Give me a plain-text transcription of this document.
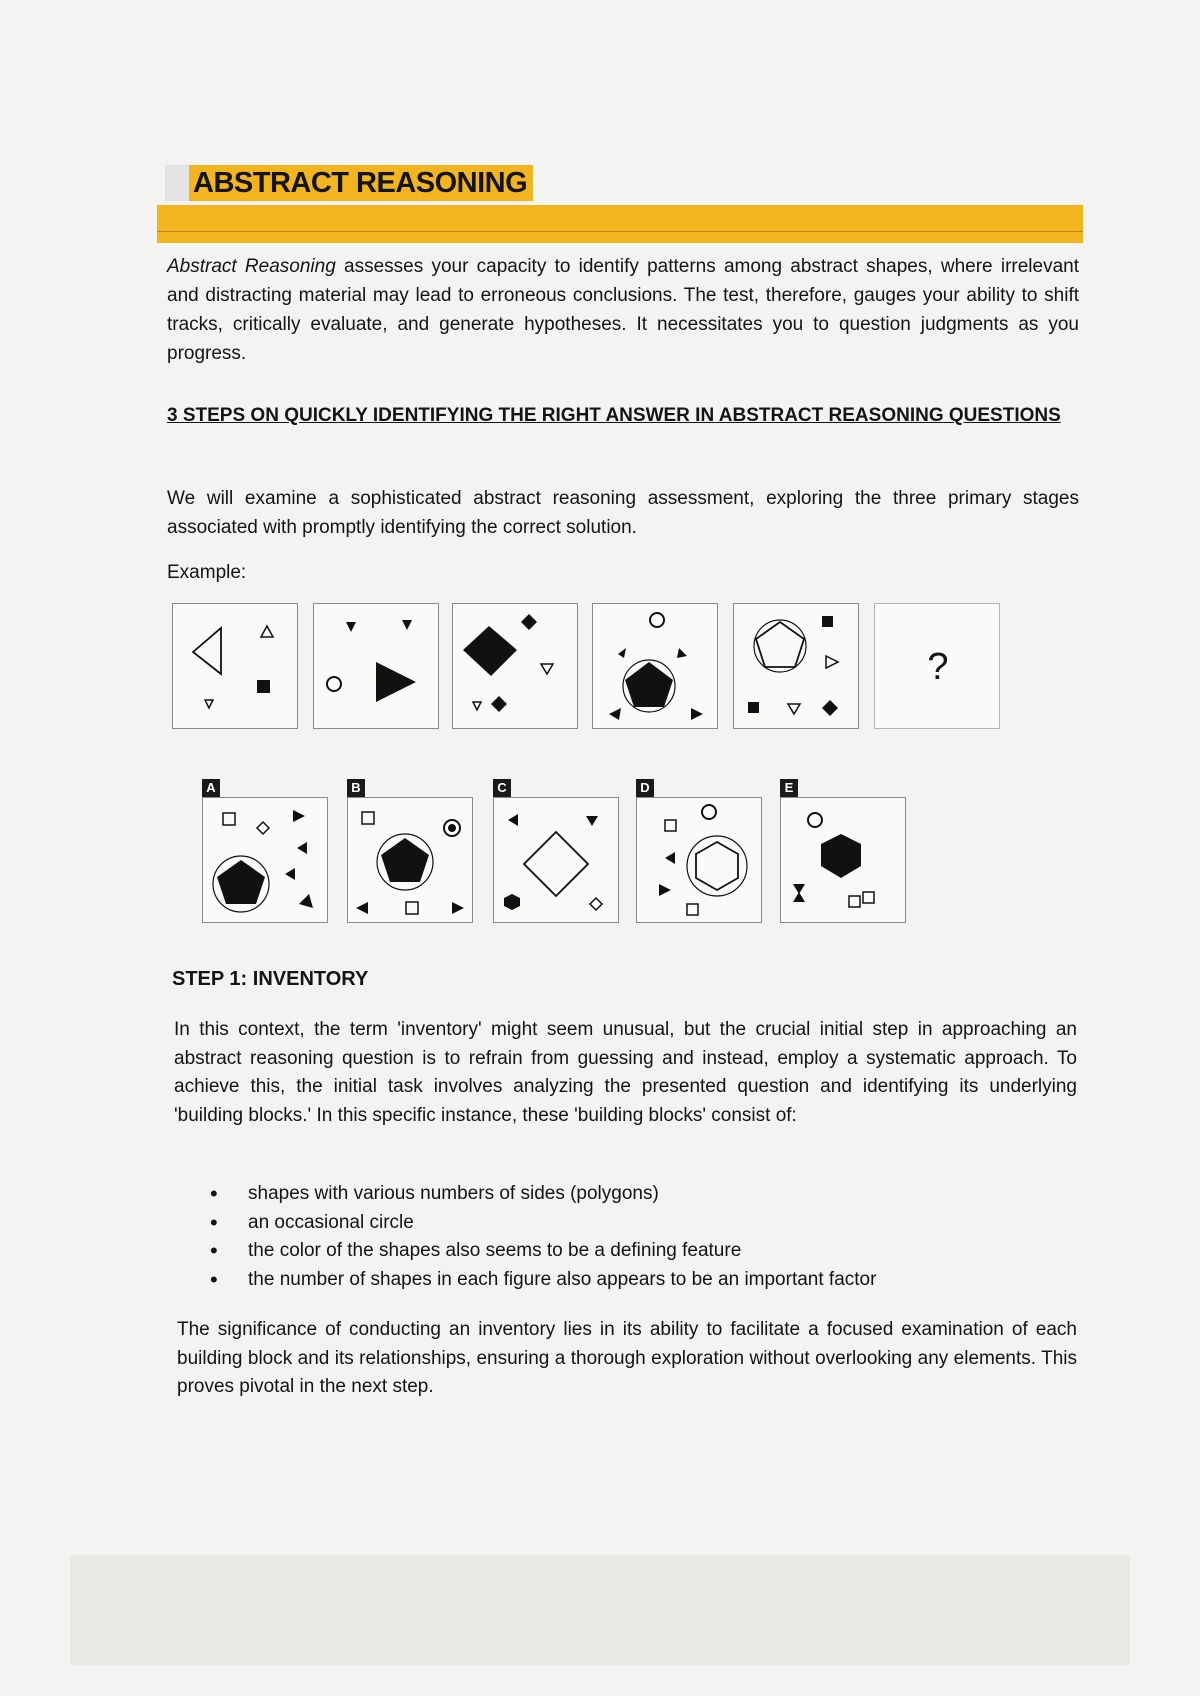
ABSTRACT REASONING
Abstract Reasoning assesses your capacity to identify patterns among abstract shapes, where irrelevant and distracting material may lead to erroneous conclusions. The test, therefore, gauges your ability to shift tracks, critically evaluate, and generate hypotheses. It necessitates you to question judgments as you progress.
3 STEPS ON QUICKLY IDENTIFYING THE RIGHT ANSWER IN ABSTRACT REASONING QUESTIONS
We will examine a sophisticated abstract reasoning assessment, exploring the three primary stages associated with promptly identifying the correct solution.
Example:
?
A	B	C	D	E
STEP 1: INVENTORY
In this context, the term 'inventory' might seem unusual, but the crucial initial step in approaching an abstract reasoning question is to refrain from guessing and instead, employ a systematic approach. To achieve this, the initial task involves analyzing the presented question and identifying its underlying 'building blocks.' In this specific instance, these 'building blocks' consist of:
• shapes with various numbers of sides (polygons)
• an occasional circle
• the color of the shapes also seems to be a defining feature
• the number of shapes in each figure also appears to be an important factor
The significance of conducting an inventory lies in its ability to facilitate a focused examination of each building block and its relationships, ensuring a thorough exploration without overlooking any elements. This proves pivotal in the next step.
